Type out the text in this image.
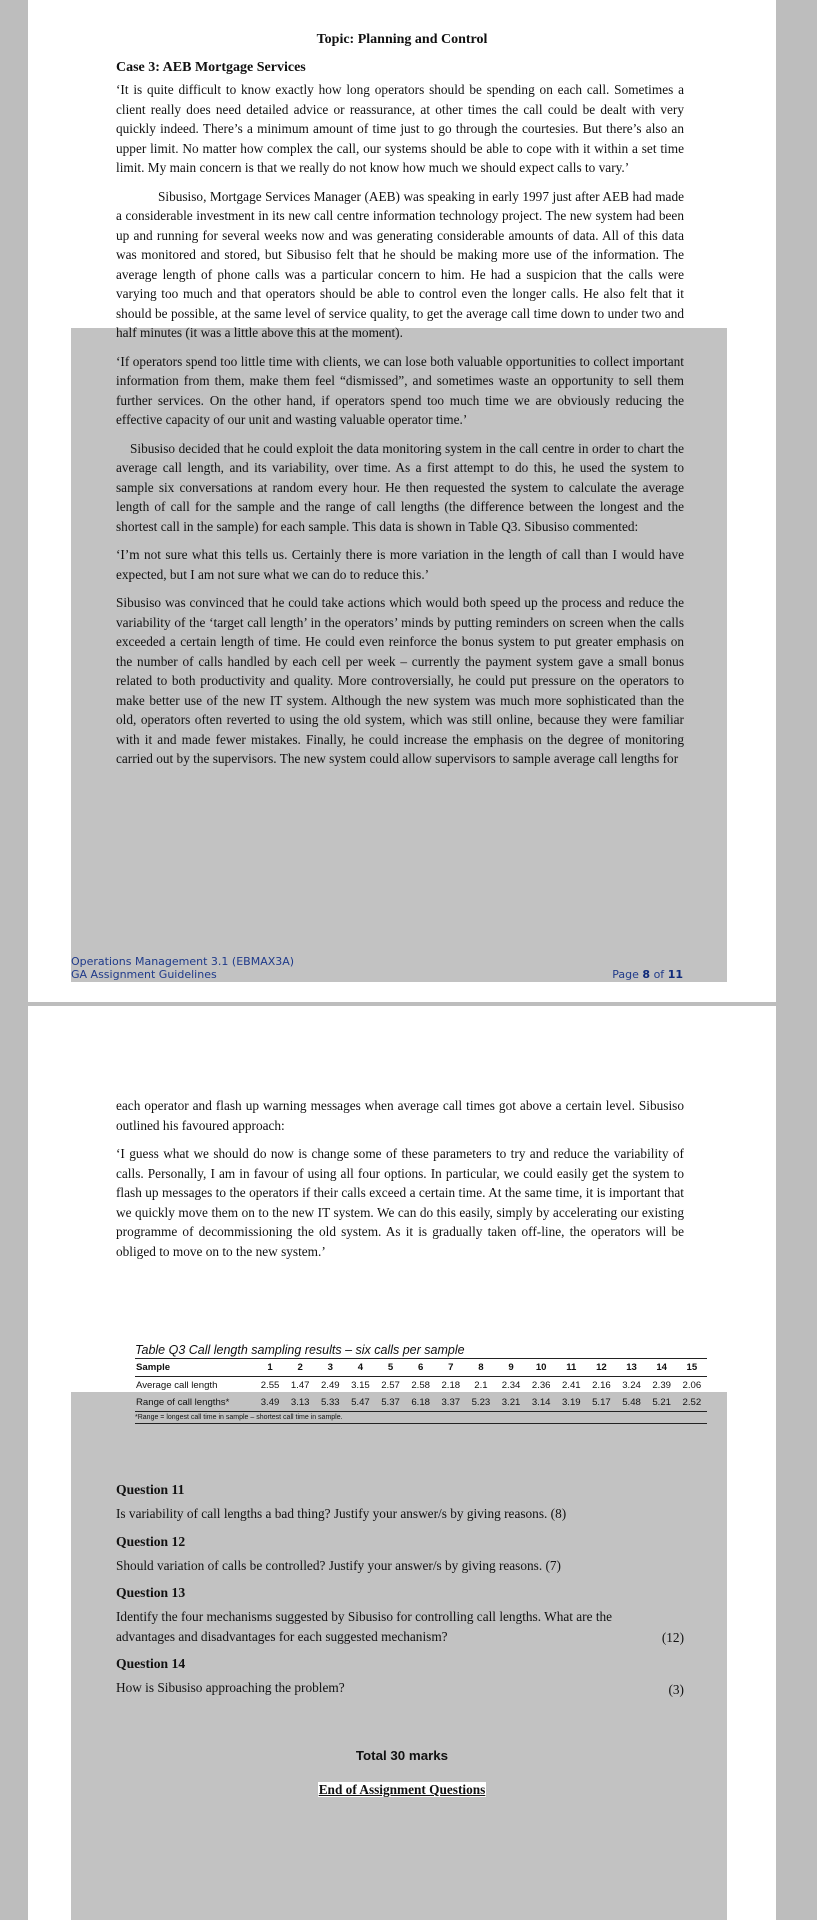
Topic: Planning and Control
Case 3: AEB Mortgage Services

‘It is quite difficult to know exactly how long operators should be spending on each call. Sometimes a client really does need detailed advice or reassurance, at other times the call could be dealt with very quickly indeed. There’s a minimum amount of time just to go through the courtesies. But there’s also an upper limit. No matter how complex the call, our systems should be able to cope with it within a set time limit. My main concern is that we really do not know how much we should expect calls to vary.’

Sibusiso, Mortgage Services Manager (AEB) was speaking in early 1997 just after AEB had made a considerable investment in its new call centre information technology project. The new system had been up and running for several weeks now and was generating considerable amounts of data. All of this data was monitored and stored, but Sibusiso felt that he should be making more use of the information. The average length of phone calls was a particular concern to him. He had a suspicion that the calls were varying too much and that operators should be able to control even the longer calls. He also felt that it should be possible, at the same level of service quality, to get the average call time down to under two and half minutes (it was a little above this at the moment).

‘If operators spend too little time with clients, we can lose both valuable opportunities to collect important information from them, make them feel “dismissed”, and sometimes waste an opportunity to sell them further services. On the other hand, if operators spend too much time we are obviously reducing the effective capacity of our unit and wasting valuable operator time.’

Sibusiso decided that he could exploit the data monitoring system in the call centre in order to chart the average call length, and its variability, over time. As a first attempt to do this, he used the system to sample six conversations at random every hour. He then requested the system to calculate the average length of call for the sample and the range of call lengths (the difference between the longest and the shortest call in the sample) for each sample. This data is shown in Table Q3. Sibusiso commented:

‘I’m not sure what this tells us. Certainly there is more variation in the length of call than I would have expected, but I am not sure what we can do to reduce this.’

Sibusiso was convinced that he could take actions which would both speed up the process and reduce the variability of the ‘target call length’ in the operators’ minds by putting reminders on screen when the calls exceeded a certain length of time. He could even reinforce the bonus system to put greater emphasis on the number of calls handled by each cell per week – currently the payment system gave a small bonus related to both productivity and quality. More controversially, he could put pressure on the operators to make better use of the new IT system. Although the new system was much more sophisticated than the old, operators often reverted to using the old system, which was still online, because they were familiar with it and made fewer mistakes. Finally, he could increase the emphasis on the degree of monitoring carried out by the supervisors. The new system could allow supervisors to sample average call lengths for

Operations Management 3.1 (EBMAX3A)
GA Assignment Guidelines	Page 8 of 11

each operator and flash up warning messages when average call times got above a certain level. Sibusiso outlined his favoured approach:

‘I guess what we should do now is change some of these parameters to try and reduce the variability of calls. Personally, I am in favour of using all four options. In particular, we could easily get the system to flash up messages to the operators if their calls exceed a certain time. At the same time, it is important that we quickly move them on to the new IT system. We can do this easily, simply by accelerating our existing programme of decommissioning the old system. As it is gradually taken off-line, the operators will be obliged to move on to the new system.’

Table Q3 Call length sampling results – six calls per sample
Sample	1	2	3	4	5	6	7	8	9	10	11	12	13	14	15
Average call length	2.55	1.47	2.49	3.15	2.57	2.58	2.18	2.1	2.34	2.36	2.41	2.16	3.24	2.39	2.06
Range of call lengths*	3.49	3.13	5.33	5.47	5.37	6.18	3.37	5.23	3.21	3.14	3.19	5.17	5.48	5.21	2.52
*Range = longest call time in sample – shortest call time in sample.
Question 11

Is variability of call lengths a bad thing? Justify your answer/s by giving reasons. (8)

Question 12

Should variation of calls be controlled? Justify your answer/s by giving reasons. (7)

Question 13

Identify the four mechanisms suggested by Sibusiso for controlling call lengths. What are the advantages and disadvantages for each suggested mechanism?	(12)
Question 14

How is Sibusiso approaching the problem?	(3)
Total 30 marks
End of Assignment Questions
